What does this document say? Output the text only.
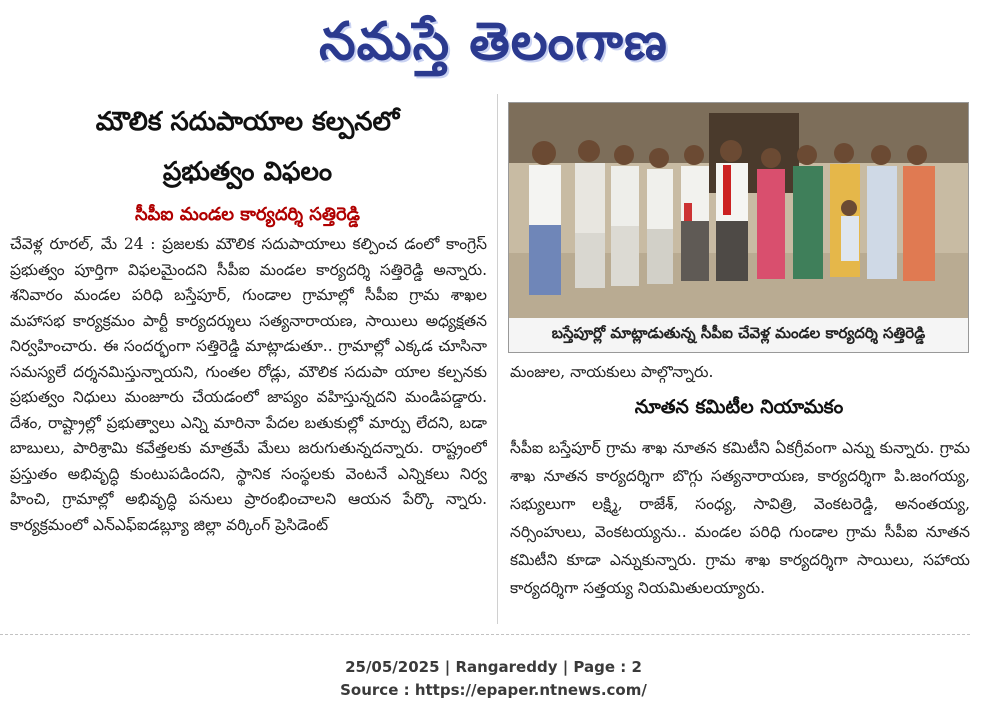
నమస్తే తెలంగాణ
మౌలిక సదుపాయాల కల్పనలో
ప్రభుత్వం విఫలం
సీపీఐ మండల కార్యదర్శి సత్తిరెడ్డి

చేవెళ్ల రూరల్, మే 24 : ప్రజలకు మౌలిక సదుపాయాలు కల్పించ డంలో కాంగ్రెస్ ప్రభుత్వం పూర్తిగా విఫలమైందని సీపీఐ మండల కార్యదర్శి సత్తిరెడ్డి అన్నారు. శనివారం మండల పరిధి బస్తేపూర్, గుండాల గ్రామాల్లో సీపీఐ గ్రామ శాఖల మహాసభ కార్యక్రమం పార్టీ కార్యదర్శులు సత్యనారాయణ, సాయిలు అధ్యక్షతన నిర్వహించారు. ఈ సందర్భంగా సత్తిరెడ్డి మాట్లాడుతూ.. గ్రామాల్లో ఎక్కడ చూసినా సమస్యలే దర్శనమిస్తున్నాయని, గుంతల రోడ్లు, మౌలిక సదుపా యాల కల్పనకు ప్రభుత్వం నిధులు మంజూరు చేయడంలో జాప్యం వహిస్తున్నదని మండిపడ్డారు. దేశం, రాష్ట్రాల్లో ప్రభుత్వాలు ఎన్ని మారినా పేదల బతుకుల్లో మార్పు లేదని, బడా బాబులు, పారిశ్రామి కవేత్తలకు మాత్రమే మేలు జరుగుతున్నదన్నారు. రాష్ట్రంలో ప్రస్తుతం అభివృద్ధి కుంటుపడిందని, స్థానిక సంస్థలకు వెంటనే ఎన్నికలు నిర్వ హించి, గ్రామాల్లో అభివృద్ధి పనులు ప్రారంభించాలని ఆయన పేర్కొ న్నారు. కార్యక్రమంలో ఎన్ఎఫ్ఐడబ్ల్యూ జిల్లా వర్కింగ్ ప్రెసిడెంట్

బస్తేపూర్లో మాట్లాడుతున్న సీపీఐ చేవెళ్ల మండల కార్యదర్శి సత్తిరెడ్డి
మంజుల, నాయకులు పాల్గొన్నారు.
నూతన కమిటీల నియామకం

సీపీఐ బస్తేపూర్ గ్రామ శాఖ నూతన కమిటీని ఏకగ్రీవంగా ఎన్ను కున్నారు. గ్రామ శాఖ నూతన కార్యదర్శిగా బొగ్గు సత్యనారాయణ, కార్యదర్శిగా పి.జంగయ్య, సభ్యులుగా లక్ష్మి, రాజేశ్, సంధ్య, సావిత్రి, వెంకటరెడ్డి, అనంతయ్య, నర్సింహులు, వెంకటయ్యను.. మండల పరిధి గుండాల గ్రామ సీపీఐ నూతన కమిటీని కూడా ఎన్నుకున్నారు. గ్రామ శాఖ కార్యదర్శిగా సాయిలు, సహాయ కార్యదర్శిగా సత్తయ్య నియమితులయ్యారు.

25/05/2025 | Rangareddy | Page : 2
Source : https://epaper.ntnews.com/
